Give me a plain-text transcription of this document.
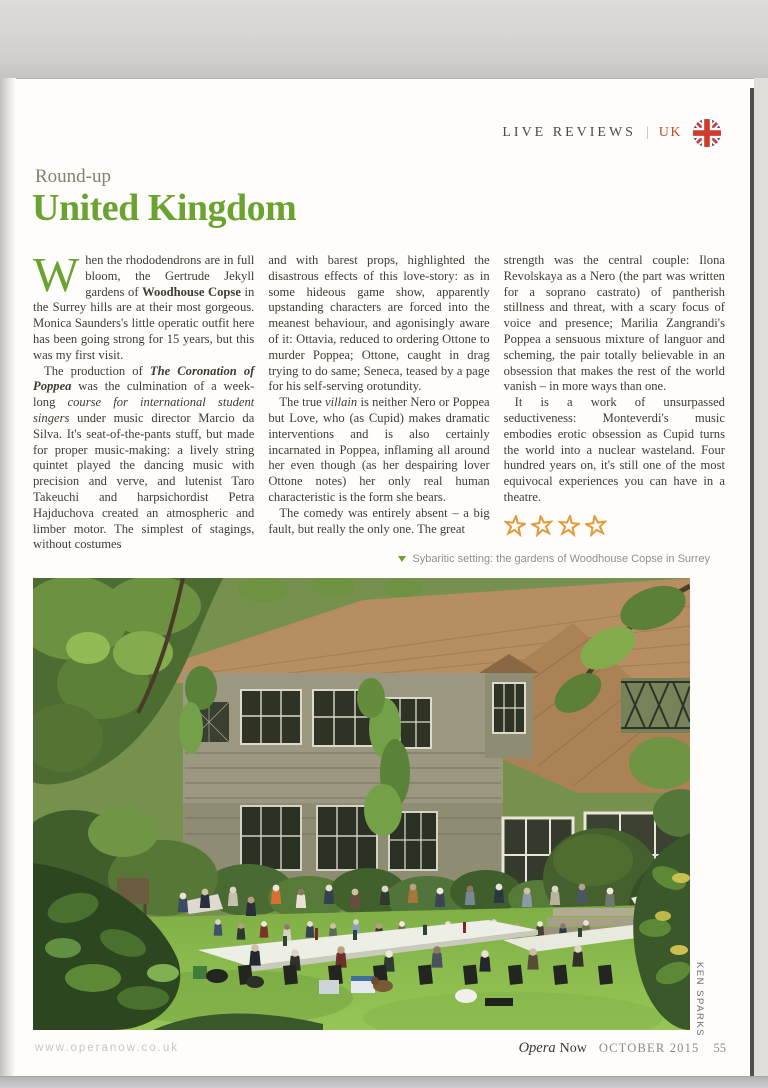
LIVE REVIEWS | UK
Round-up
United Kingdom

When the rhododendrons are in full bloom, the Gertrude Jekyll gardens of Woodhouse Copse in the Surrey hills are at their most gorgeous. Monica Saunders's little operatic outfit here has been going strong for 15 years, but this was my first visit.

The production of The Coronation of Poppea was the culmination of a week-long course for international student singers under music director Marcio da Silva. It's seat-of-the-pants stuff, but made for proper music-making: a lively string quintet played the dancing music with precision and verve, and lutenist Taro Takeuchi and harpsichordist Petra Hajduchova created an atmospheric and limber motor. The simplest of stagings, without costumes

and with barest props, highlighted the disastrous effects of this love-story: as in some hideous game show, apparently upstanding characters are forced into the meanest behaviour, and agonisingly aware of it: Ottavia, reduced to ordering Ottone to murder Poppea; Ottone, caught in drag trying to do same; Seneca, teased by a page for his self-serving orotundity.

The true villain is neither Nero or Poppea but Love, who (as Cupid) makes dramatic interventions and is also certainly incarnated in Poppea, inflaming all around her even though (as her despairing lover Ottone notes) her only real human characteristic is the form she bears.

The comedy was entirely absent – a big fault, but really the only one. The great

strength was the central couple: Ilona Revolskaya as a Nero (the part was written for a soprano castrato) of pantherish stillness and threat, with a scary focus of voice and presence; Marilia Zangrandi's Poppea a sensuous mixture of languor and scheming, the pair totally believable in an obsession that makes the rest of the world vanish – in more ways than one.

It is a work of unsurpassed seductiveness: Monteverdi's music embodies erotic obsession as Cupid turns the world into a nuclear wasteland. Four hundred years on, it's still one of the most equivocal experiences you can have in a theatre.

Sybaritic setting: the gardens of Woodhouse Copse in Surrey
KEN SPARKS
www.operanow.co.uk	Opera Now OCTOBER 2015 55
